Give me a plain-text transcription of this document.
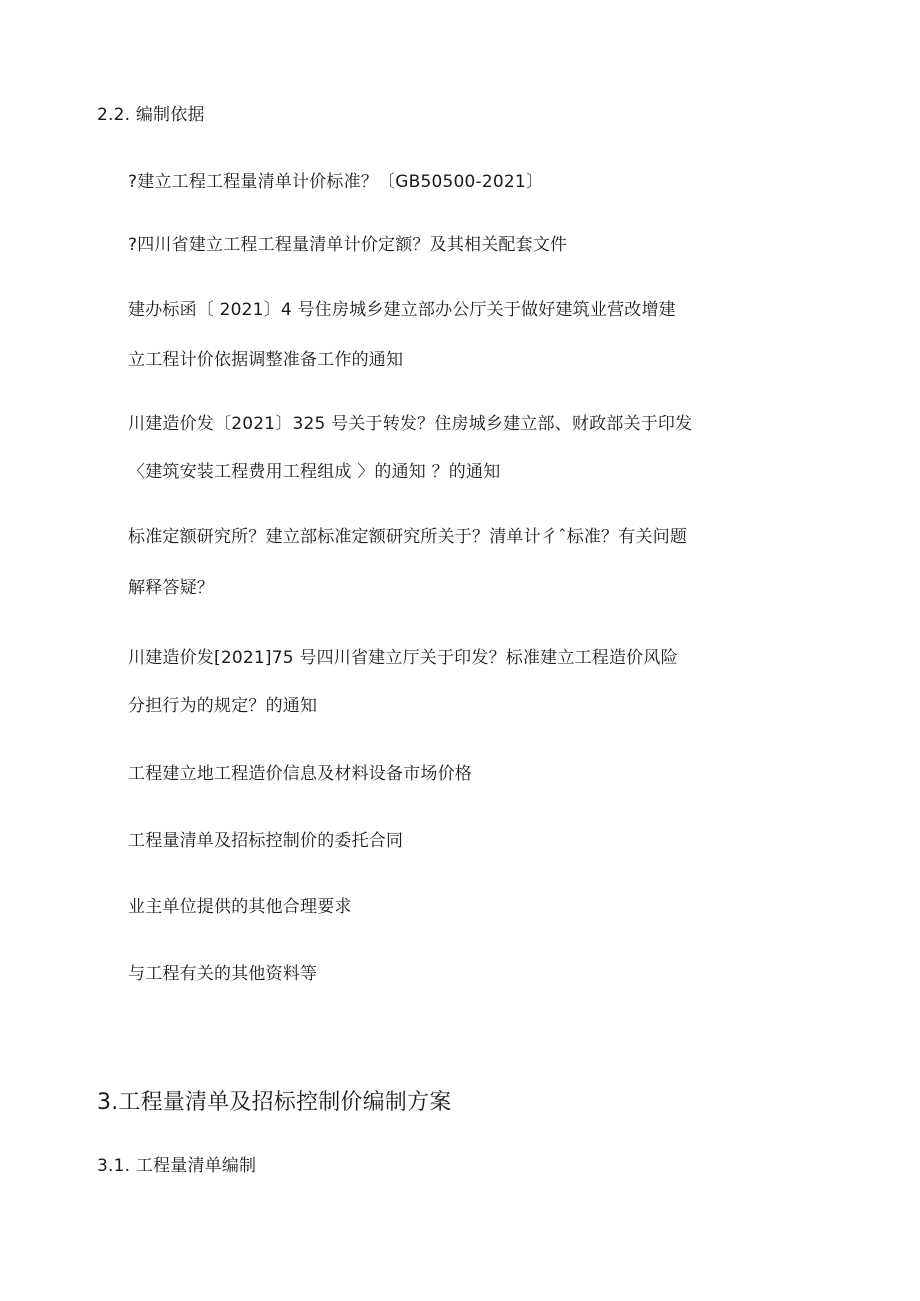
2.2. 编制依据
?建立工程工程量清单计价标准？〔GB50500-2021〕
?四川省建立工程工程量清单计价定额？及其相关配套文件
建办标函〔 2021〕4 号住房城乡建立部办公厅关于做好建筑业营改增建
立工程计价依据调整准备工作的通知
川建造价发〔2021〕325 号关于转发？住房城乡建立部、财政部关于印发
〈建筑安装工程费用工程组成 〉的通知 ？的通知
标准定额研究所？建立部标准定额研究所关于？清单计彳ˆ标准？有关问题
解释答疑？
川建造价发[2021]75 号四川省建立厅关于印发？标准建立工程造价风险
分担行为的规定？的通知
工程建立地工程造价信息及材料设备市场价格
工程量清单及招标控制价的委托合同
业主单位提供的其他合理要求
与工程有关的其他资料等
3.工程量清单及招标控制价编制方案
3.1. 工程量清单编制
